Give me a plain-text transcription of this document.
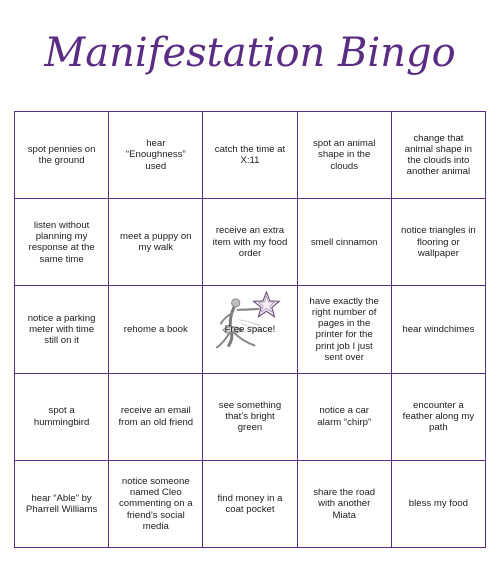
Manifestation Bingo
spot pennies on the ground
hear “Enoughness” used
catch the time at X:11
spot an animal shape in the clouds
change that animal shape in the clouds into another animal
listen without planning my response at the same time
meet a puppy on my walk
receive an extra item with my food order
smell cinnamon
notice triangles in flooring or wallpaper
notice a parking meter with time still on it
rehome a book	Free space!
have exactly the right number of pages in the printer for the print job I just sent over
hear windchimes
spot a hummingbird
receive an email from an old friend
see something that’s bright green
notice a car alarm “chirp”
encounter a feather along my path
hear “Able” by Pharrell Williams
notice someone named Cleo commenting on a friend’s social media
find money in a coat pocket
share the road with another Miata
bless my food
